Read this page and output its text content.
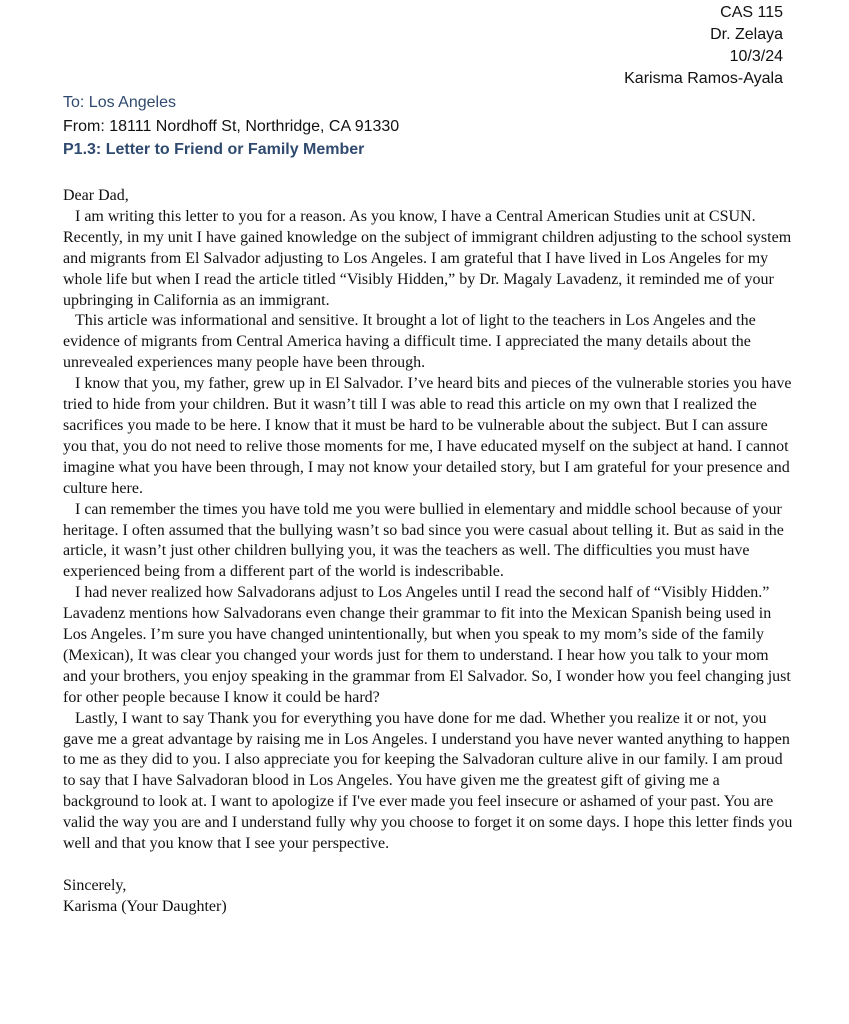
CAS 115
Dr. Zelaya
10/3/24
Karisma Ramos-Ayala
To: Los Angeles
From: 18111 Nordhoff St, Northridge, CA 91330
P1.3: Letter to Friend or Family Member

Dear Dad,

I am writing this letter to you for a reason. As you know, I have a Central American Studies unit at CSUN. Recently, in my unit I have gained knowledge on the subject of immigrant children adjusting to the school system and migrants from El Salvador adjusting to Los Angeles. I am grateful that I have lived in Los Angeles for my whole life but when I read the article titled “Visibly Hidden,” by Dr. Magaly Lavadenz, it reminded me of your upbringing in California as an immigrant.

This article was informational and sensitive. It brought a lot of light to the teachers in Los Angeles and the evidence of migrants from Central America having a difficult time. I appreciated the many details about the unrevealed experiences many people have been through.

I know that you, my father, grew up in El Salvador. I’ve heard bits and pieces of the vulnerable stories you have tried to hide from your children. But it wasn’t till I was able to read this article on my own that I realized the sacrifices you made to be here. I know that it must be hard to be vulnerable about the subject. But I can assure you that, you do not need to relive those moments for me, I have educated myself on the subject at hand. I cannot imagine what you have been through, I may not know your detailed story, but I am grateful for your presence and culture here.

I can remember the times you have told me you were bullied in elementary and middle school because of your heritage. I often assumed that the bullying wasn’t so bad since you were casual about telling it. But as said in the article, it wasn’t just other children bullying you, it was the teachers as well. The difficulties you must have experienced being from a different part of the world is indescribable.

I had never realized how Salvadorans adjust to Los Angeles until I read the second half of “Visibly Hidden.” Lavadenz mentions how Salvadorans even change their grammar to fit into the Mexican Spanish being used in Los Angeles. I’m sure you have changed unintentionally, but when you speak to my mom’s side of the family (Mexican), It was clear you changed your words just for them to understand. I hear how you talk to your mom and your brothers, you enjoy speaking in the grammar from El Salvador. So, I wonder how you feel changing just for other people because I know it could be hard?

Lastly, I want to say Thank you for everything you have done for me dad. Whether you realize it or not, you gave me a great advantage by raising me in Los Angeles. I understand you have never wanted anything to happen to me as they did to you. I also appreciate you for keeping the Salvadoran culture alive in our family. I am proud to say that I have Salvadoran blood in Los Angeles. You have given me the greatest gift of giving me a background to look at. I want to apologize if I've ever made you feel insecure or ashamed of your past. You are valid the way you are and I understand fully why you choose to forget it on some days. I hope this letter finds you well and that you know that I see your perspective.

Sincerely,

Karisma (Your Daughter)
